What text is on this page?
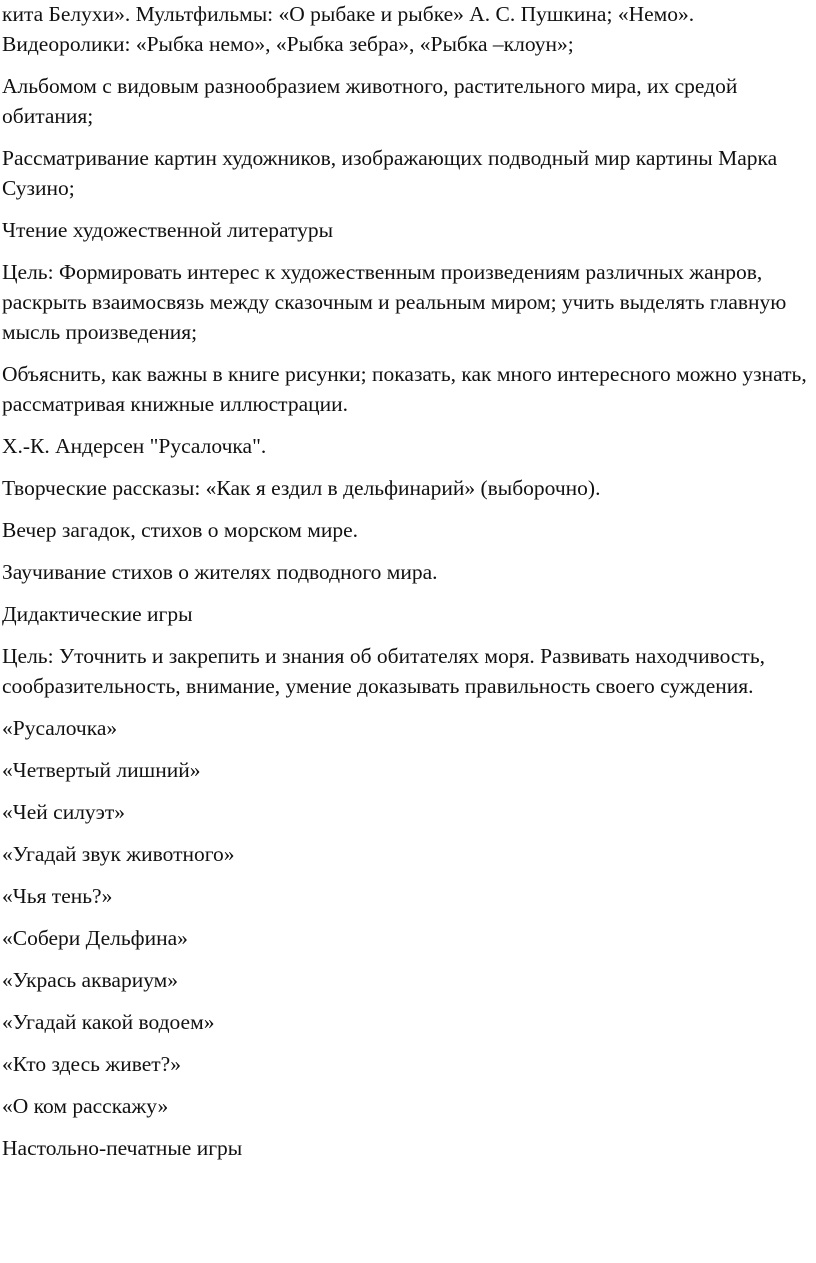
кита Белухи». Мультфильмы: «О рыбаке и рыбке» А. С. Пушкина; «Немо». Видеоролики: «Рыбка немо», «Рыбка зебра», «Рыбка –клоун»;

Альбомом с видовым разнообразием животного, растительного мира, их средой обитания;

Рассматривание картин художников, изображающих подводный мир картины Марка Сузино;

Чтение художественной литературы

Цель: Формировать интерес к художественным произведениям различных жанров, раскрыть взаимосвязь между сказочным и реальным миром; учить выделять главную мысль произведения;

Объяснить, как важны в книге рисунки; показать, как много интересного можно узнать, рассматривая книжные иллюстрации.

Х.-К. Андерсен "Русалочка".

Творческие рассказы: «Как я ездил в дельфинарий» (выборочно).

Вечер загадок, стихов о морском мире.

Заучивание стихов о жителях подводного мира.

Дидактические игры

Цель: Уточнить и закрепить и знания об обитателях моря. Развивать находчивость, сообразительность, внимание, умение доказывать правильность своего суждения.

«Русалочка»

«Четвертый лишний»

«Чей силуэт»

«Угадай звук животного»

«Чья тень?»

«Собери Дельфина»

«Укрась аквариум»

«Угадай какой водоем»

«Кто здесь живет?»

«О ком расскажу»

Настольно-печатные игры
